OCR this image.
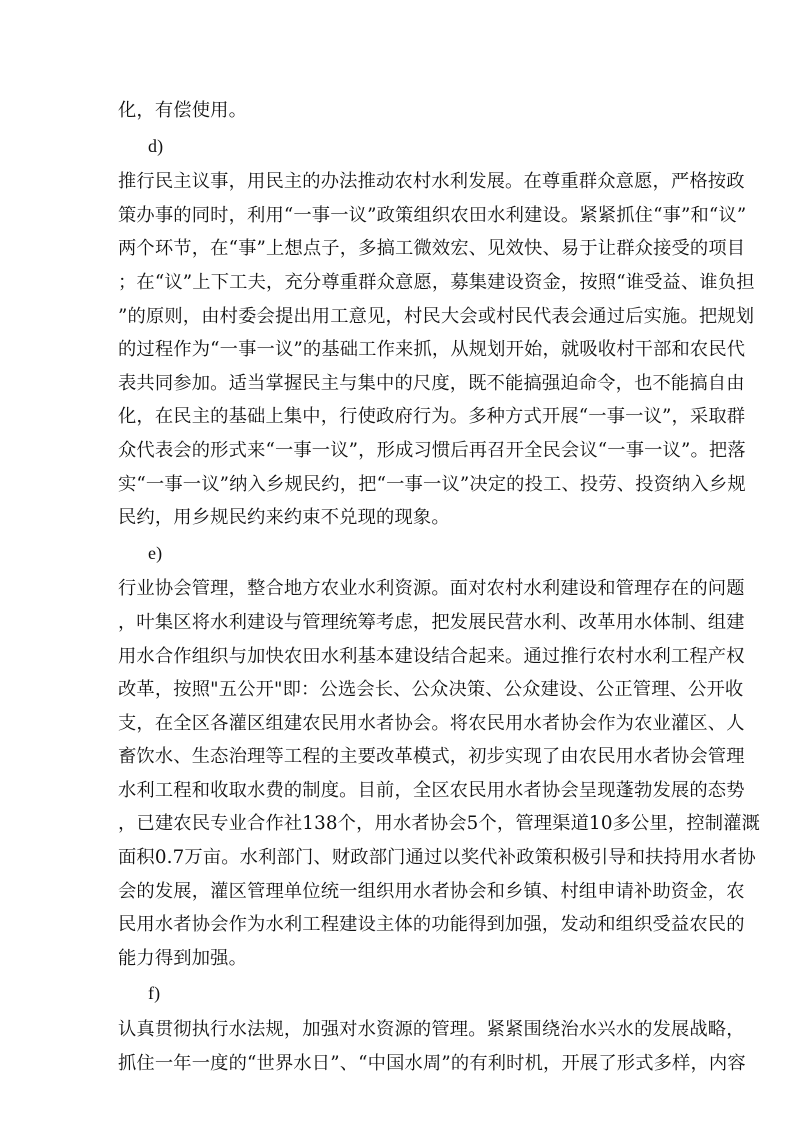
化，有偿使用。

d)

推行民主议事，用民主的办法推动农村水利发展。在尊重群众意愿，严格按政
策办事的同时，利用“一事一议”政策组织农田水利建设。紧紧抓住“事”和“议”
两个环节，在“事”上想点子，多搞工微效宏、见效快、易于让群众接受的项目
；在“议”上下工夫，充分尊重群众意愿，募集建设资金，按照“谁受益、谁负担
”的原则，由村委会提出用工意见，村民大会或村民代表会通过后实施。把规划
的过程作为“一事一议”的基础工作来抓，从规划开始，就吸收村干部和农民代
表共同参加。适当掌握民主与集中的尺度，既不能搞强迫命令，也不能搞自由
化，在民主的基础上集中，行使政府行为。多种方式开展“一事一议”，采取群
众代表会的形式来“一事一议”，形成习惯后再召开全民会议“一事一议”。把落
实“一事一议”纳入乡规民约，把“一事一议”决定的投工、投劳、投资纳入乡规
民约，用乡规民约来约束不兑现的现象。

e)

行业协会管理，整合地方农业水利资源。面对农村水利建设和管理存在的问题
，叶集区将水利建设与管理统筹考虑，把发展民营水利、改革用水体制、组建
用水合作组织与加快农田水利基本建设结合起来。通过推行农村水利工程产权
改革，按照"五公开"即：公选会长、公众决策、公众建设、公正管理、公开收
支，在全区各灌区组建农民用水者协会。将农民用水者协会作为农业灌区、人
畜饮水、生态治理等工程的主要改革模式，初步实现了由农民用水者协会管理
水利工程和收取水费的制度。目前，全区农民用水者协会呈现蓬勃发展的态势
，已建农民专业合作社138个，用水者协会5个，管理渠道10多公里，控制灌溉
面积0.7万亩。水利部门、财政部门通过以奖代补政策积极引导和扶持用水者协
会的发展，灌区管理单位统一组织用水者协会和乡镇、村组申请补助资金，农
民用水者协会作为水利工程建设主体的功能得到加强，发动和组织受益农民的
能力得到加强。

f)

认真贯彻执行水法规，加强对水资源的管理。紧紧围绕治水兴水的发展战略，
抓住一年一度的“世界水日”、“中国水周”的有利时机，开展了形式多样，内容
